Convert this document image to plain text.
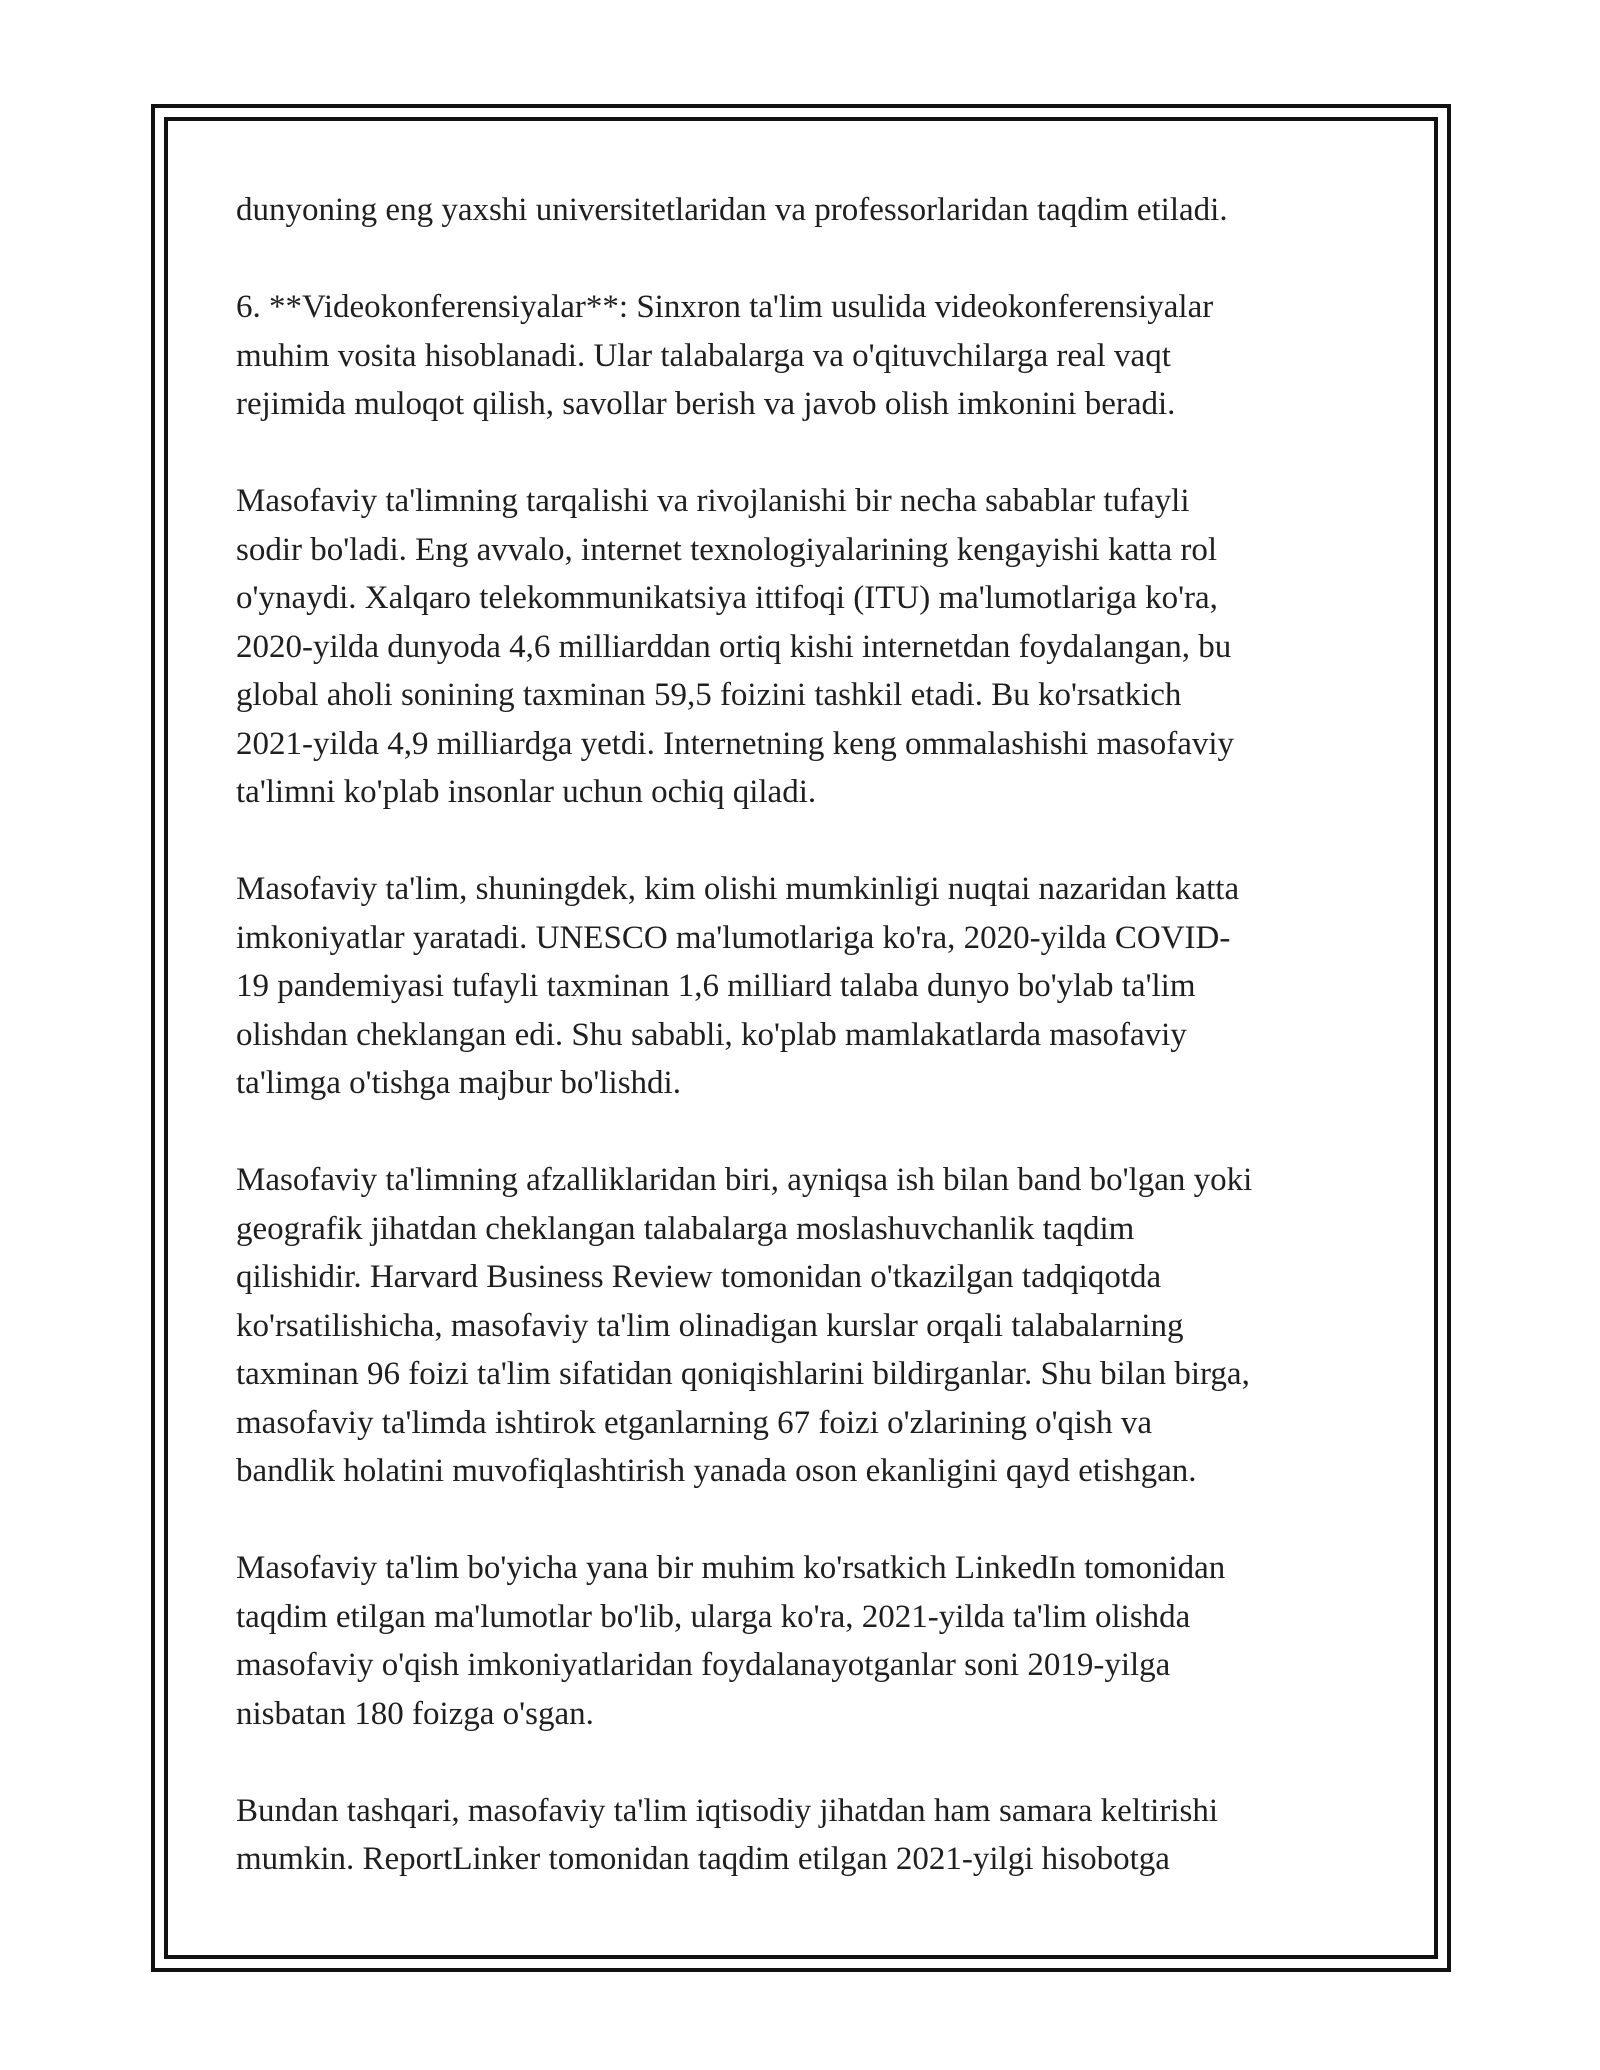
dunyoning eng yaxshi universitetlaridan va professorlaridan taqdim etiladi.

6. **Videokonferensiyalar**: Sinxron ta'lim usulida videokonferensiyalar
muhim vosita hisoblanadi. Ular talabalarga va o'qituvchilarga real vaqt
rejimida muloqot qilish, savollar berish va javob olish imkonini beradi.

Masofaviy ta'limning tarqalishi va rivojlanishi bir necha sabablar tufayli
sodir bo'ladi. Eng avvalo, internet texnologiyalarining kengayishi katta rol
o'ynaydi. Xalqaro telekommunikatsiya ittifoqi (ITU) ma'lumotlariga ko'ra,
2020-yilda dunyoda 4,6 milliarddan ortiq kishi internetdan foydalangan, bu
global aholi sonining taxminan 59,5 foizini tashkil etadi. Bu ko'rsatkich
2021-yilda 4,9 milliardga yetdi. Internetning keng ommalashishi masofaviy
ta'limni ko'plab insonlar uchun ochiq qiladi.

Masofaviy ta'lim, shuningdek, kim olishi mumkinligi nuqtai nazaridan katta
imkoniyatlar yaratadi. UNESCO ma'lumotlariga ko'ra, 2020-yilda COVID-
19 pandemiyasi tufayli taxminan 1,6 milliard talaba dunyo bo'ylab ta'lim
olishdan cheklangan edi. Shu sababli, ko'plab mamlakatlarda masofaviy
ta'limga o'tishga majbur bo'lishdi.

Masofaviy ta'limning afzalliklaridan biri, ayniqsa ish bilan band bo'lgan yoki
geografik jihatdan cheklangan talabalarga moslashuvchanlik taqdim
qilishidir. Harvard Business Review tomonidan o'tkazilgan tadqiqotda
ko'rsatilishicha, masofaviy ta'lim olinadigan kurslar orqali talabalarning
taxminan 96 foizi ta'lim sifatidan qoniqishlarini bildirganlar. Shu bilan birga,
masofaviy ta'limda ishtirok etganlarning 67 foizi o'zlarining o'qish va
bandlik holatini muvofiqlashtirish yanada oson ekanligini qayd etishgan.

Masofaviy ta'lim bo'yicha yana bir muhim ko'rsatkich LinkedIn tomonidan
taqdim etilgan ma'lumotlar bo'lib, ularga ko'ra, 2021-yilda ta'lim olishda
masofaviy o'qish imkoniyatlaridan foydalanayotganlar soni 2019-yilga
nisbatan 180 foizga o'sgan.

Bundan tashqari, masofaviy ta'lim iqtisodiy jihatdan ham samara keltirishi
mumkin. ReportLinker tomonidan taqdim etilgan 2021-yilgi hisobotga
